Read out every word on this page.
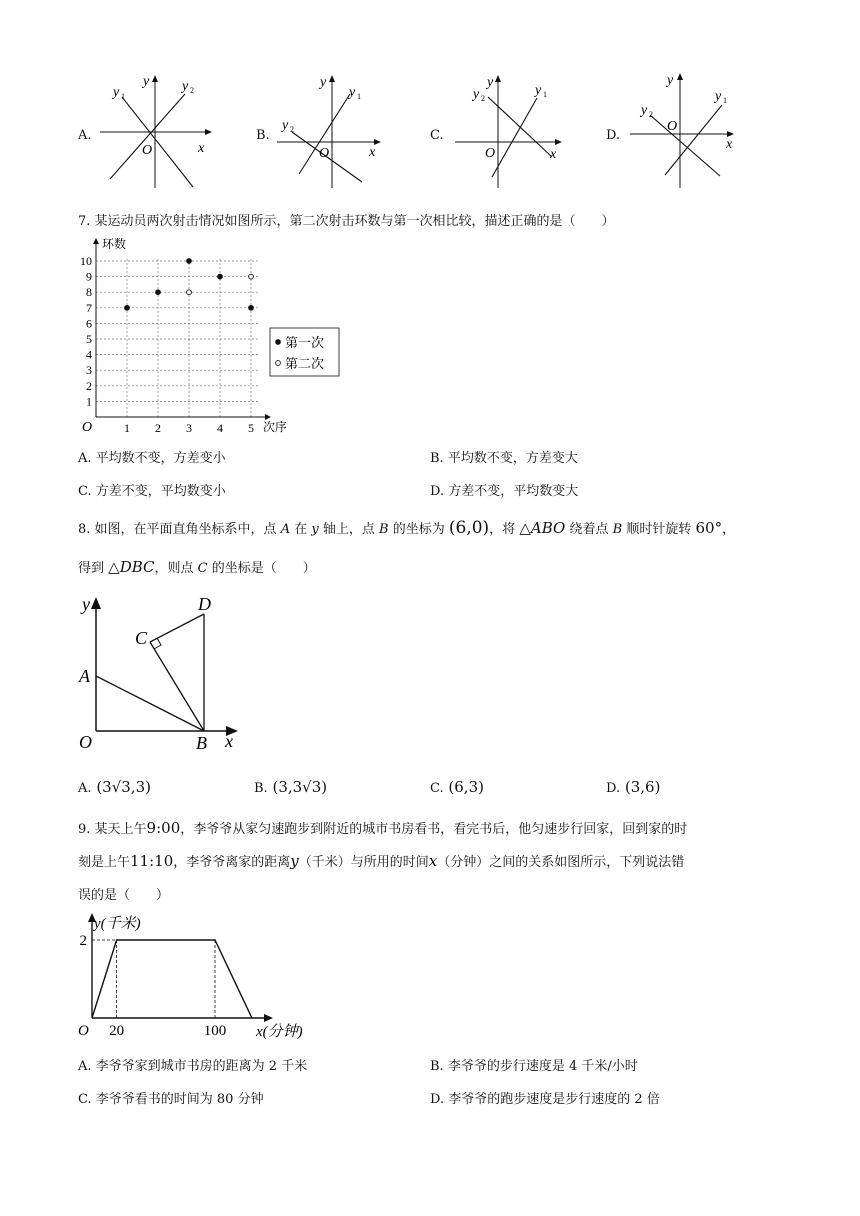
A.
y
x
O
y 1
y 2
B.
y
x
O
y 1
y 2	C.
y
x
O
y 1
y 2
D.
y
x
O
y 1
y 2
7. 某运动员两次射击情况如图所示，第二次射击环数与第一次相比较，描述正确的是（　　）
1
2
3
4
5
6
7
8
9
10
1 2 3 4 5
环数
次序
O
第一次
第二次
A. 平均数不变，方差变小	B. 平均数不变，方差变大
C. 方差不变，平均数变小	D. 方差不变，平均数变大
8. 如图，在平面直角坐标系中，点 A 在 y 轴上，点 B 的坐标为 (6,0)，将 △ABO 绕着点 B 顺时针旋转 60°，
得到 △DBC，则点 C 的坐标是（　　）
y
x
O
A
B
C
D
A. (3√3,3)	B. (3,3√3)	C. (6,3)	D. (3,6)
9. 某天上午9:00，李爷爷从家匀速跑步到附近的城市书房看书，看完书后，他匀速步行回家，回到家的时
刻是上午11:10，李爷爷离家的距离y（千米）与所用的时间x（分钟）之间的关系如图所示，下列说法错
误的是（　　）
2
20	100
y(千米)
x(分钟)
O
A. 李爷爷家到城市书房的距离为 2 千米	B. 李爷爷的步行速度是 4 千米/小时
C. 李爷爷看书的时间为 80 分钟	D. 李爷爷的跑步速度是步行速度的 2 倍
